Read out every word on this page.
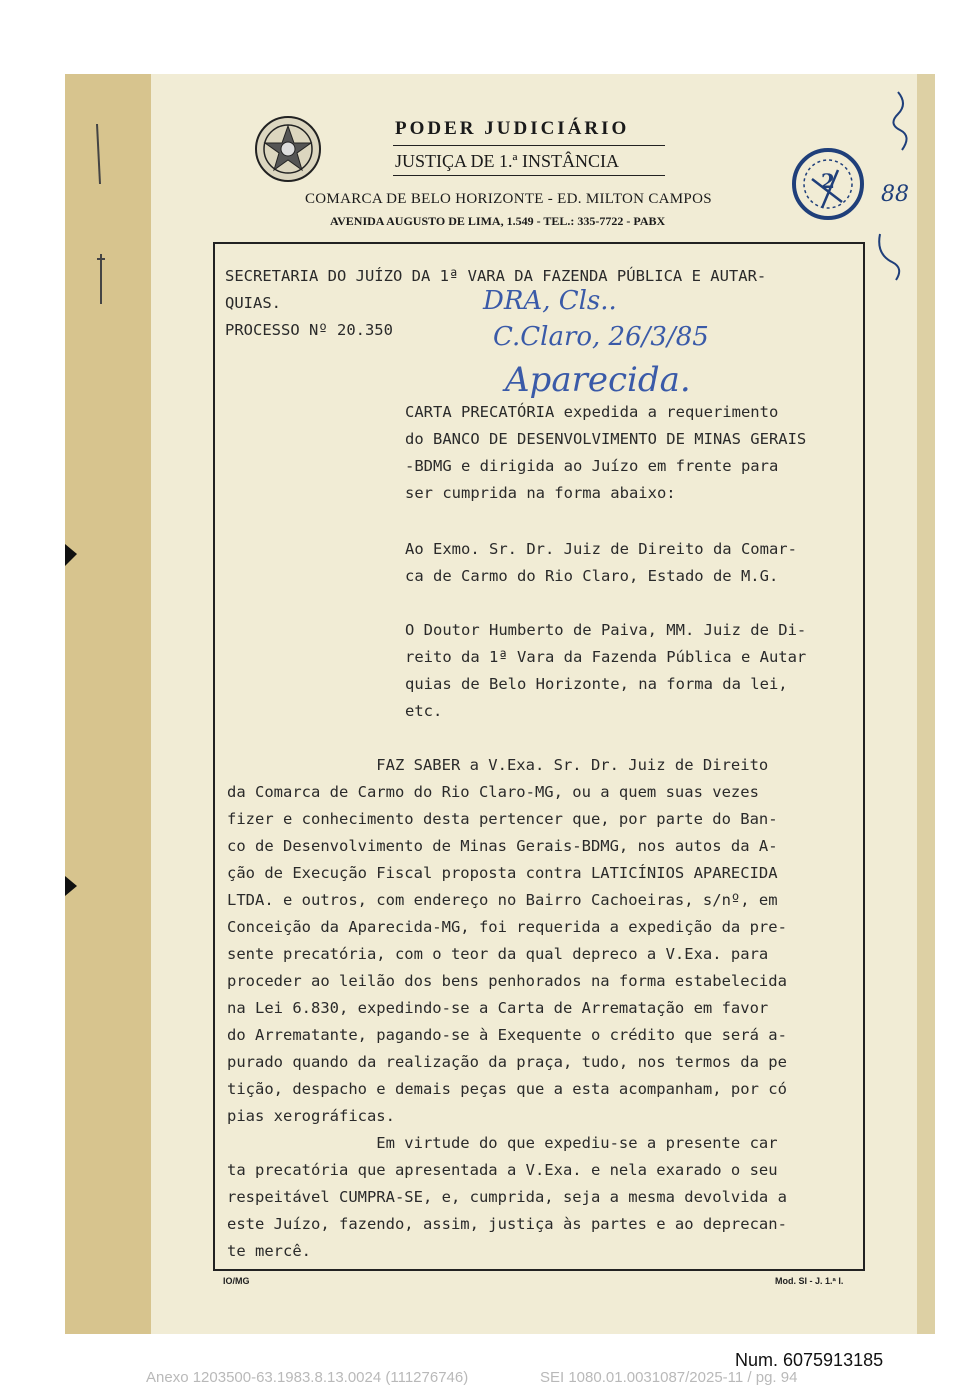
PODER JUDICIÁRIO
JUSTIÇA DE 1.ª INSTÂNCIA
COMARCA DE BELO HORIZONTE - ED. MILTON CAMPOS
AVENIDA AUGUSTO DE LIMA, 1.549 - TEL.: 335-7722 - PABX
88
2
SECRETARIA DO JUÍZO DA 1ª VARA DA FAZENDA PÚBLICA E AUTAR-
QUIAS.
PROCESSO Nº 20.350
DRA, Cls..
C.Claro, 26/3/85
Aparecida.
CARTA PRECATÓRIA expedida a requerimento
do BANCO DE DESENVOLVIMENTO DE MINAS GERAIS
-BDMG e dirigida ao Juízo em frente para
ser cumprida na forma abaixo:
Ao Exmo. Sr. Dr. Juiz de Direito da Comar-
ca de Carmo do Rio Claro, Estado de M.G.
O Doutor Humberto de Paiva, MM. Juiz de Di-
reito da 1ª Vara da Fazenda Pública e Autar
quias de Belo Horizonte, na forma da lei,
etc.
FAZ SABER a V.Exa. Sr. Dr. Juiz de Direito
da Comarca de Carmo do Rio Claro-MG, ou a quem suas vezes
fizer e conhecimento desta pertencer que, por parte do Ban-
co de Desenvolvimento de Minas Gerais-BDMG, nos autos da A-
ção de Execução Fiscal proposta contra LATICÍNIOS APARECIDA
LTDA. e outros, com endereço no Bairro Cachoeiras, s/nº, em
Conceição da Aparecida-MG, foi requerida a expedição da pre-
sente precatória, com o teor da qual depreco a V.Exa. para
proceder ao leilão dos bens penhorados na forma estabelecida
na Lei 6.830, expedindo-se a Carta de Arrematação em favor
do Arrematante, pagando-se à Exequente o crédito que será a-
purado quando da realização da praça, tudo, nos termos da pe
tição, despacho e demais peças que a esta acompanham, por có
pias xerográficas.
Em virtude do que expediu-se a presente car
ta precatória que apresentada a V.Exa. e nela exarado o seu
respeitável CUMPRA-SE, e, cumprida, seja a mesma devolvida a
este Juízo, fazendo, assim, justiça às partes e ao deprecan-
te mercê.
IO/MG	Mod. SI - J. 1.ª I.
Num. 6075913185
Anexo 1203500-63.1983.8.13.0024 (111276746)	SEI 1080.01.0031087/2025-11 / pg. 94
